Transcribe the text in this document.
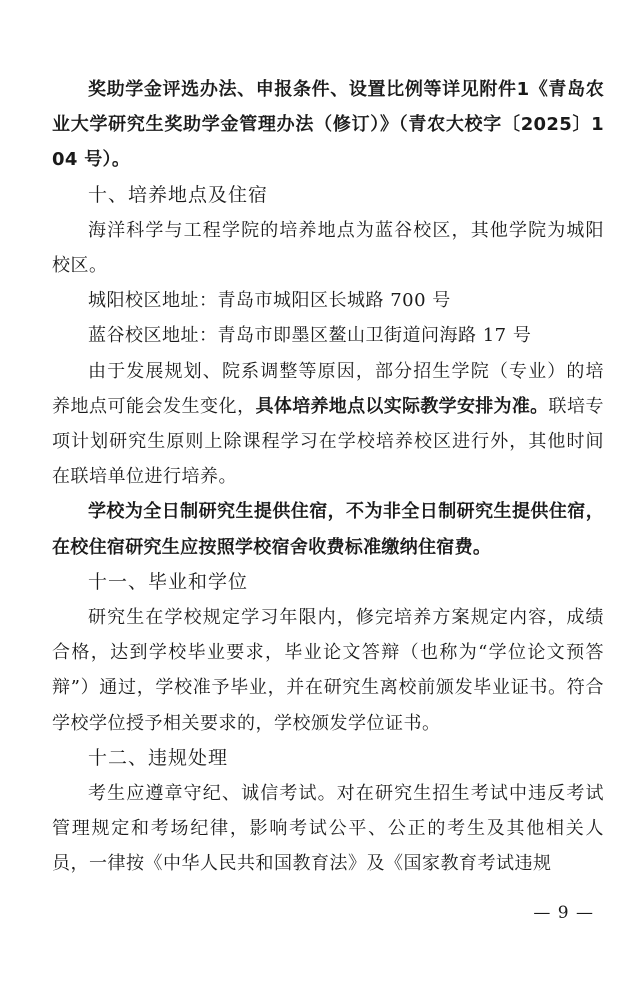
奖助学金评选办法、申报条件、设置比例等详见附件1《青岛农业大学研究生奖助学金管理办法（修订）》（青农大校字〔2025〕104 号）。

十、培养地点及住宿

海洋科学与工程学院的培养地点为蓝谷校区，其他学院为城阳校区。

城阳校区地址：青岛市城阳区长城路 700 号

蓝谷校区地址：青岛市即墨区鳌山卫街道问海路 17 号

由于发展规划、院系调整等原因，部分招生学院（专业）的培养地点可能会发生变化，具体培养地点以实际教学安排为准。联培专项计划研究生原则上除课程学习在学校培养校区进行外，其他时间在联培单位进行培养。

学校为全日制研究生提供住宿，不为非全日制研究生提供住宿，在校住宿研究生应按照学校宿舍收费标准缴纳住宿费。

十一、毕业和学位

研究生在学校规定学习年限内，修完培养方案规定内容，成绩合格，达到学校毕业要求，毕业论文答辩（也称为“学位论文预答辩”）通过，学校准予毕业，并在研究生离校前颁发毕业证书。符合学校学位授予相关要求的，学校颁发学位证书。

十二、违规处理

考生应遵章守纪、诚信考试。对在研究生招生考试中违反考试管理规定和考场纪律，影响考试公平、公正的考生及其他相关人员，一律按《中华人民共和国教育法》及《国家教育考试违规

— 9 —
